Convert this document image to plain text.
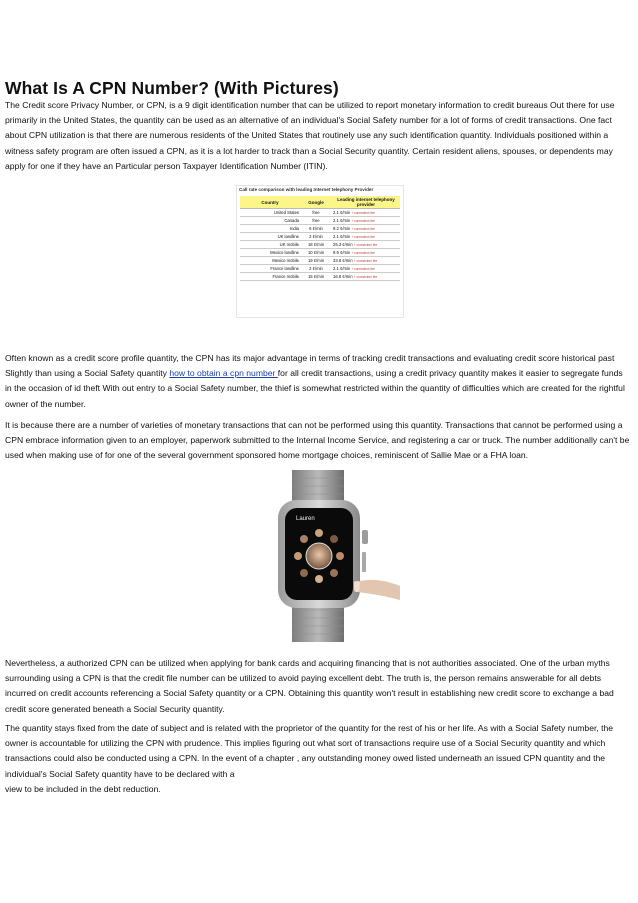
What Is A CPN Number? (With Pictures)

The Credit score Privacy Number, or CPN, is a 9 digit identification number that can be utilized to report monetary information to credit bureaus Out there for use primarily in the United States, the quantity can be used as an alternative of an individual's Social Safety number for a lot of forms of credit transactions. One fact about CPN utilization is that there are numerous residents of the United States that routinely use any such identification quantity. Individuals positioned within a witness safety program are often issued a CPN, as it is a lot harder to track than a Social Security quantity. Certain resident aliens, spouses, or dependents may apply for one if they have an Particular person Taxpayer Identification Number (ITIN).

Call rate comparison with leading Internet telephony Provider
Country	Google	Leading internet telephony provider
United States	free	2.1 ¢/min + connection fee
Canada	free	2.1 ¢/min + connection fee
India	6 ¢/min	9.2 ¢/min + connection fee
UK landline	2 ¢/min	2.1 ¢/min + connection fee
UK mobile	18 ¢/min	25.3 ¢/min + connection fee
Mexico landline	10 ¢/min	9.9 ¢/min + connection fee
Mexico mobile	19 ¢/min	33.6 ¢/min + connection fee
France landline	2 ¢/min	2.1 ¢/min + connection fee
France mobile	15 ¢/min	16.8 ¢/min + connection fee

Often known as a credit score profile quantity, the CPN has its major advantage in terms of tracking credit transactions and evaluating credit score historical past Slightly than using a Social Safety quantity how to obtain a cpn number for all credit transactions, using a credit privacy quantity makes it easier to segregate funds in the occasion of id theft With out entry to a Social Safety number, the thief is somewhat restricted within the quantity of difficulties which are created for the rightful owner of the number.

It is because there are a number of varieties of monetary transactions that can not be performed using this quantity. Transactions that cannot be performed using a CPN embrace information given to an employer, paperwork submitted to the Internal Income Service, and registering a car or truck. The number additionally can't be used when making use of for one of the several government sponsored home mortgage choices, reminiscent of Sallie Mae or a FHA loan.

Lauren

Nevertheless, a authorized CPN can be utilized when applying for bank cards and acquiring financing that is not authorities associated. One of the urban myths surrounding using a CPN is that the credit file number can be utilized to avoid paying excellent debt. The truth is, the person remains answerable for all debts incurred on credit accounts referencing a Social Safety quantity or a CPN. Obtaining this quantity won't result in establishing new credit score to exchange a bad credit score generated beneath a Social Security quantity.

The quantity stays fixed from the date of subject and is related with the proprietor of the quantity for the rest of his or her life. As with a Social Safety number, the owner is accountable for utilizing the CPN with prudence. This implies figuring out what sort of transactions require use of a Social Security quantity and which transactions could also be conducted using a CPN. In the event of a chapter , any outstanding money owed listed underneath an issued CPN quantity and the individual's Social Safety quantity have to be declared with a
view to be included in the debt reduction.
